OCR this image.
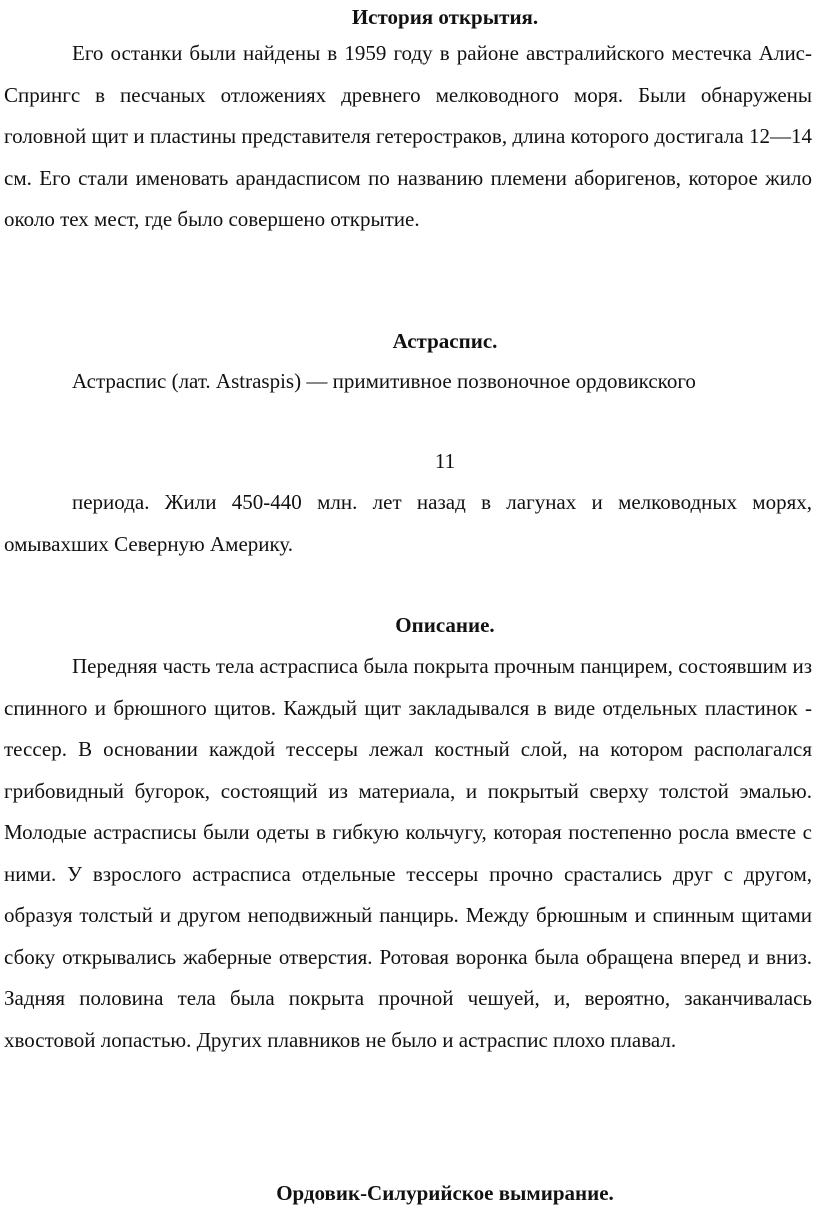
История открытия.

Его останки были найдены в 1959 году в районе австралийского местечка Алис-Спрингс в песчаных отложениях древнего мелководного моря. Были обнаружены головной щит и пластины представителя гетеростраков, длина которого достигала 12—14 см. Его стали именовать арандасписом по названию племени аборигенов, которое жило около тех мест, где было совершено открытие.

Астраспис.

Астраспис (лат. Astraspis) — примитивное позвоночное ордовикского

11

периода. Жили 450-440 млн. лет назад в лагунах и мелководных морях, омывахших Северную Америку.

Описание.

Передняя часть тела астрасписа была покрыта прочным панцирем, состоявшим из спинного и брюшного щитов. Каждый щит закладывался в виде отдельных пластинок - тессер. В основании каждой тессеры лежал костный слой, на котором располагался грибовидный бугорок, состоящий из материала, и покрытый сверху толстой эмалью. Молодые астрасписы были одеты в гибкую кольчугу, которая постепенно росла вместе с ними. У взрослого астрасписа отдельные тессеры прочно срастались друг с другом, образуя толстый и другом неподвижный панцирь. Между брюшным и спинным щитами сбоку открывались жаберные отверстия. Ротовая воронка была обращена вперед и вниз. Задняя половина тела была покрыта прочной чешуей, и, вероятно, заканчивалась хвостовой лопастью. Других плавников не было и астраспис плохо плавал.

Ордовик-Силурийское вымирание.
